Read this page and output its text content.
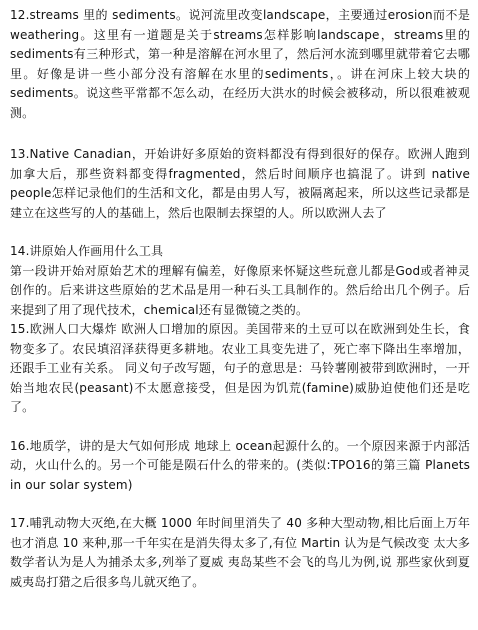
12.streams 里的 sediments。说河流里改变landscape，主要通过erosion而不是weathering。这里有一道题是关于streams怎样影响landscape，streams里的sediments有三种形式，第一种是溶解在河水里了，然后河水流到哪里就带着它去哪里。好像是讲一些小部分没有溶解在水里的sediments，。讲在河床上较大块的sediments。说这些平常都不怎么动，在经历大洪水的时候会被移动，所以很难被观测。

13.Native Canadian，开始讲好多原始的资料都没有得到很好的保存。欧洲人跑到加拿大后，那些资料都变得fragmented，然后时间顺序也搞混了。讲到 native people怎样记录他们的生活和文化，都是由男人写，被隔离起来，所以这些记录都是建立在这些写的人的基础上，然后也限制去探望的人。所以欧洲人去了

14.讲原始人作画用什么工具

第一段讲开始对原始艺术的理解有偏差，好像原来怀疑这些玩意儿都是God或者神灵创作的。后来讲这些原始的艺术品是用一种石头工具制作的。然后给出几个例子。后来提到了用了现代技术，chemical还有显微镜之类的。

15.欧洲人口大爆炸 欧洲人口增加的原因。美国带来的土豆可以在欧洲到处生长，食物变多了。农民填沼泽获得更多耕地。农业工具变先进了，死亡率下降出生率增加，还跟手工业有关系。 同义句子改写题，句子的意思是：马铃薯刚被带到欧洲时，一开始当地农民(peasant)不太愿意接受，但是因为饥荒(famine)威胁迫使他们还是吃了。

16.地质学，讲的是大气如何形成 地球上 ocean起源什么的。一个原因来源于内部活动，火山什么的。另一个可能是陨石什么的带来的。(类似:TPO16的第三篇 Planets in our solar system)

17.哺乳动物大灭绝,在大概 1000 年时间里消失了 40 多种大型动物,相比后面上万年 也才消息 10 来种,那一千年实在是消失得太多了,有位 Martin 认为是气候改变 太大多数学者认为是人为捕杀太多,列举了夏威 夷岛某些不会飞的鸟儿为例,说 那些家伙到夏威夷岛打猎之后很多鸟儿就灭绝了。
